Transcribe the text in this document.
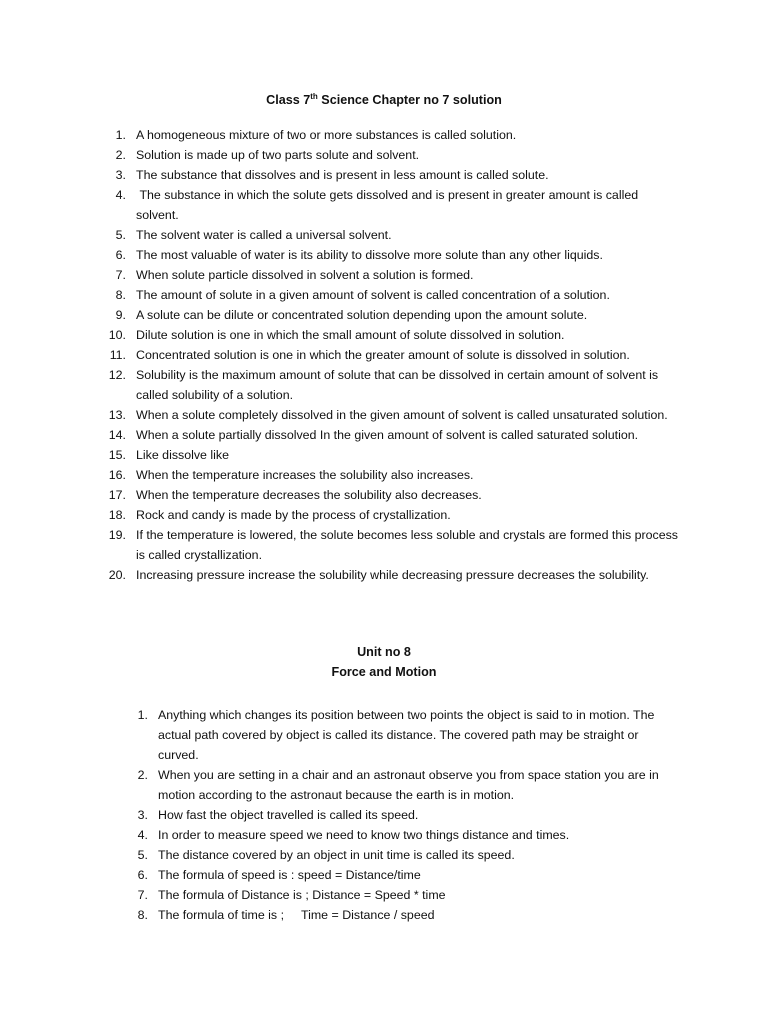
Class 7th Science Chapter no 7 solution
1. A homogeneous mixture of two or more substances is called solution.
2. Solution is made up of two parts solute and solvent.
3. The substance that dissolves and is present in less amount is called solute.
4. The substance in which the solute gets dissolved and is present in greater amount is called solvent.
5. The solvent water is called a universal solvent.
6. The most valuable of water is its ability to dissolve more solute than any other liquids.
7. When solute particle dissolved in solvent a solution is formed.
8. The amount of solute in a given amount of solvent is called concentration of a solution.
9. A solute can be dilute or concentrated solution depending upon the amount solute.
10. Dilute solution is one in which the small amount of solute dissolved in solution.
11. Concentrated solution is one in which the greater amount of solute is dissolved in solution.
12. Solubility is the maximum amount of solute that can be dissolved in certain amount of solvent is called solubility of a solution.
13. When a solute completely dissolved in the given amount of solvent is called unsaturated solution.
14. When a solute partially dissolved In the given amount of solvent is called saturated solution.
15. Like dissolve like
16. When the temperature increases the solubility also increases.
17. When the temperature decreases the solubility also decreases.
18. Rock and candy is made by the process of crystallization.
19. If the temperature is lowered, the solute becomes less soluble and crystals are formed this process is called crystallization.
20. Increasing pressure increase the solubility while decreasing pressure decreases the solubility.
Unit no 8
Force and Motion
1. Anything which changes its position between two points the object is said to in motion. The actual path covered by object is called its distance. The covered path may be straight or curved.
2. When you are setting in a chair and an astronaut observe you from space station you are in motion according to the astronaut because the earth is in motion.
3. How fast the object travelled is called its speed.
4. In order to measure speed we need to know two things distance and times.
5. The distance covered by an object in unit time is called its speed.
6. The formula of speed is : speed = Distance/time
7. The formula of Distance is ; Distance = Speed * time
8. The formula of time is ;     Time = Distance / speed
